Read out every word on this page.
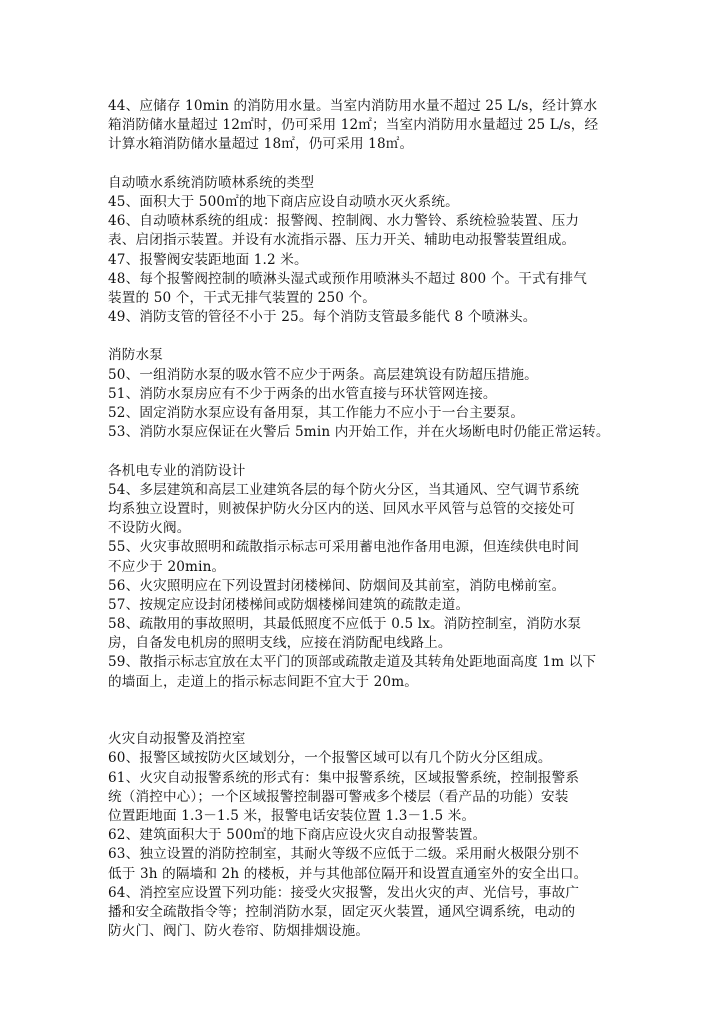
44、应储存 10min 的消防用水量。当室内消防用水量不超过 25 L/s，经计算水
箱消防储水量超过 12㎡时，仍可采用 12㎡；当室内消防用水量超过 25 L/s，经
计算水箱消防储水量超过 18㎡，仍可采用 18㎡。
自动喷水系统消防喷林系统的类型
45、面积大于 500㎡的地下商店应设自动喷水灭火系统。
46、自动喷林系统的组成：报警阀、控制阀、水力警铃、系统检验装置、压力
表、启闭指示装置。并设有水流指示器、压力开关、辅助电动报警装置组成。
47、报警阀安装距地面 1.2 米。
48、每个报警阀控制的喷淋头湿式或预作用喷淋头不超过 800 个。干式有排气
装置的 50 个，干式无排气装置的 250 个。
49、消防支管的管径不小于 25。每个消防支管最多能代 8 个喷淋头。
消防水泵
50、一组消防水泵的吸水管不应少于两条。高层建筑设有防超压措施。
51、消防水泵房应有不少于两条的出水管直接与环状管网连接。
52、固定消防水泵应设有备用泵，其工作能力不应小于一台主要泵。
53、消防水泵应保证在火警后 5min 内开始工作，并在火场断电时仍能正常运转。
各机电专业的消防设计
54、多层建筑和高层工业建筑各层的每个防火分区，当其通风、空气调节系统
均系独立设置时，则被保护防火分区内的送、回风水平风管与总管的交接处可
不设防火阀。
55、火灾事故照明和疏散指示标志可采用蓄电池作备用电源，但连续供电时间
不应少于 20min。
56、火灾照明应在下列设置封闭楼梯间、防烟间及其前室，消防电梯前室。
57、按规定应设封闭楼梯间或防烟楼梯间建筑的疏散走道。
58、疏散用的事故照明，其最低照度不应低于 0.5 lx。消防控制室，消防水泵
房，自备发电机房的照明支线，应接在消防配电线路上。
59、散指示标志宜放在太平门的顶部或疏散走道及其转角处距地面高度 1m 以下
的墙面上，走道上的指示标志间距不宜大于 20m。
火灾自动报警及消控室
60、报警区域按防火区域划分，一个报警区域可以有几个防火分区组成。
61、火灾自动报警系统的形式有：集中报警系统，区域报警系统，控制报警系
统（消控中心）；一个区域报警控制器可警戒多个楼层（看产品的功能）安装
位置距地面 1.3－1.5 米，报警电话安装位置 1.3－1.5 米。
62、建筑面积大于 500㎡的地下商店应设火灾自动报警装置。
63、独立设置的消防控制室，其耐火等级不应低于二级。采用耐火极限分别不
低于 3h 的隔墙和 2h 的楼板，并与其他部位隔开和设置直通室外的安全出口。
64、消控室应设置下列功能：接受火灾报警，发出火灾的声、光信号，事故广
播和安全疏散指令等；控制消防水泵，固定灭火装置，通风空调系统，电动的
防火门、阀门、防火卷帘、防烟排烟设施。
